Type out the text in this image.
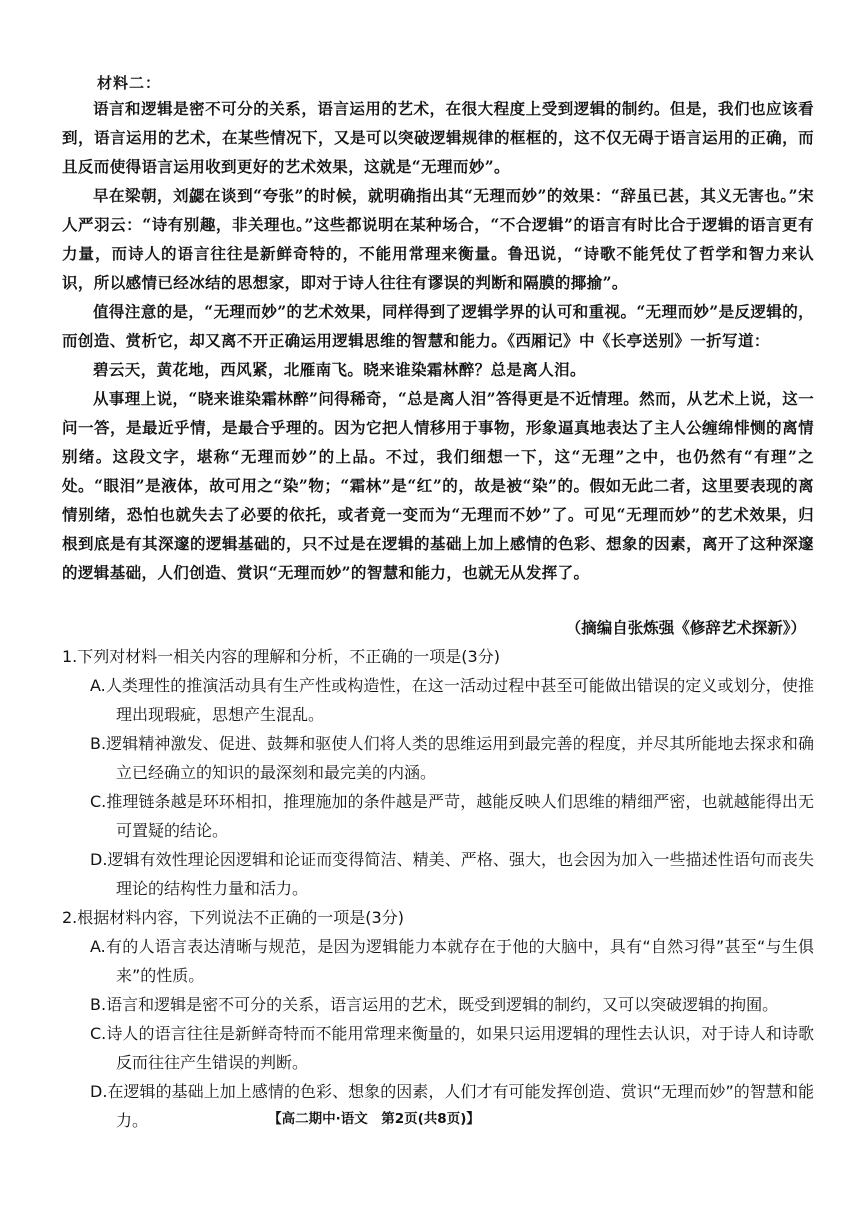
材料二：

语言和逻辑是密不可分的关系，语言运用的艺术，在很大程度上受到逻辑的制约。但是，我们也应该看到，语言运用的艺术，在某些情况下，又是可以突破逻辑规律的框框的，这不仅无碍于语言运用的正确，而且反而使得语言运用收到更好的艺术效果，这就是“无理而妙”。

早在梁朝，刘勰在谈到“夸张”的时候，就明确指出其“无理而妙”的效果：“辞虽已甚，其义无害也。”宋人严羽云：“诗有别趣，非关理也。”这些都说明在某种场合，“不合逻辑”的语言有时比合于逻辑的语言更有力量，而诗人的语言往往是新鲜奇特的，不能用常理来衡量。鲁迅说，“诗歌不能凭仗了哲学和智力来认识，所以感情已经冰结的思想家，即对于诗人往往有谬误的判断和隔膜的揶揄”。

值得注意的是，“无理而妙”的艺术效果，同样得到了逻辑学界的认可和重视。“无理而妙”是反逻辑的，而创造、赏析它，却又离不开正确运用逻辑思维的智慧和能力。《西厢记》中《长亭送别》一折写道：

碧云天，黄花地，西风紧，北雁南飞。晓来谁染霜林醉？总是离人泪。

从事理上说，“晓来谁染霜林醉”问得稀奇，“总是离人泪”答得更是不近情理。然而，从艺术上说，这一问一答，是最近乎情，是最合乎理的。因为它把人情移用于事物，形象逼真地表达了主人公缠绵悱恻的离情别绪。这段文字，堪称“无理而妙”的上品。不过，我们细想一下，这“无理”之中，也仍然有“有理”之处。“眼泪”是液体，故可用之“染”物；“霜林”是“红”的，故是被“染”的。假如无此二者，这里要表现的离情别绪，恐怕也就失去了必要的依托，或者竟一变而为“无理而不妙”了。可见“无理而妙”的艺术效果，归根到底是有其深邃的逻辑基础的，只不过是在逻辑的基础上加上感情的色彩、想象的因素，离开了这种深邃的逻辑基础，人们创造、赏识“无理而妙”的智慧和能力，也就无从发挥了。

（摘编自张炼强《修辞艺术探新》）

1.下列对材料一相关内容的理解和分析，不正确的一项是(3分)

A.人类理性的推演活动具有生产性或构造性，在这一活动过程中甚至可能做出错误的定义或划分，使推理出现瑕疵，思想产生混乱。

B.逻辑精神激发、促进、鼓舞和驱使人们将人类的思维运用到最完善的程度，并尽其所能地去探求和确立已经确立的知识的最深刻和最完美的内涵。

C.推理链条越是环环相扣，推理施加的条件越是严苛，越能反映人们思维的精细严密，也就越能得出无可置疑的结论。

D.逻辑有效性理论因逻辑和论证而变得简洁、精美、严格、强大，也会因为加入一些描述性语句而丧失理论的结构性力量和活力。

2.根据材料内容，下列说法不正确的一项是(3分)

A.有的人语言表达清晰与规范，是因为逻辑能力本就存在于他的大脑中，具有“自然习得”甚至“与生俱来”的性质。

B.语言和逻辑是密不可分的关系，语言运用的艺术，既受到逻辑的制约，又可以突破逻辑的拘囿。

C.诗人的语言往往是新鲜奇特而不能用常理来衡量的，如果只运用逻辑的理性去认识，对于诗人和诗歌反而往往产生错误的判断。

D.在逻辑的基础上加上感情的色彩、想象的因素，人们才有可能发挥创造、赏识“无理而妙”的智慧和能力。	【高二期中·语文　第2页(共8页)】
